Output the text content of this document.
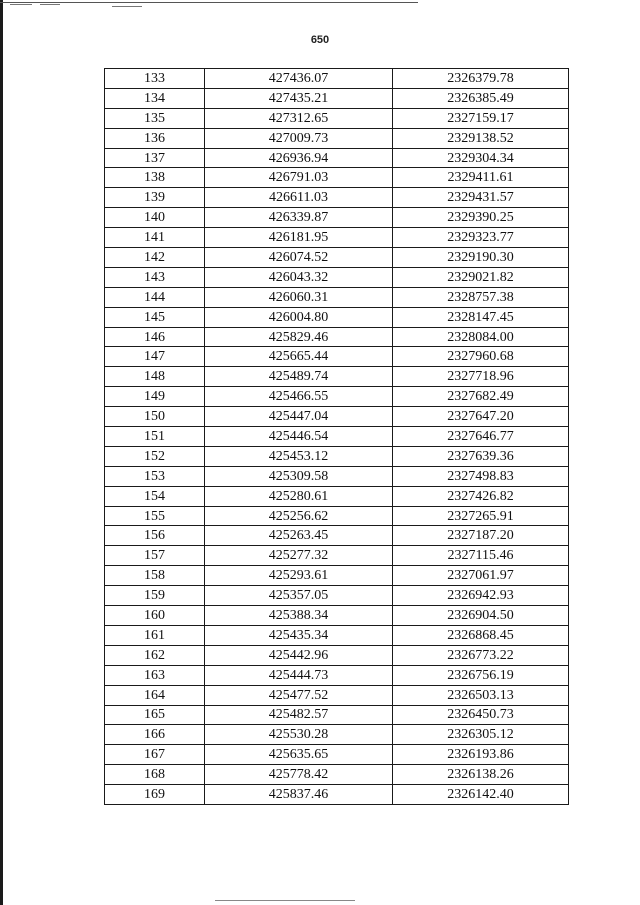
650
133	427436.07	2326379.78
134	427435.21	2326385.49
135	427312.65	2327159.17
136	427009.73	2329138.52
137	426936.94	2329304.34
138	426791.03	2329411.61
139	426611.03	2329431.57
140	426339.87	2329390.25
141	426181.95	2329323.77
142	426074.52	2329190.30
143	426043.32	2329021.82
144	426060.31	2328757.38
145	426004.80	2328147.45
146	425829.46	2328084.00
147	425665.44	2327960.68
148	425489.74	2327718.96
149	425466.55	2327682.49
150	425447.04	2327647.20
151	425446.54	2327646.77
152	425453.12	2327639.36
153	425309.58	2327498.83
154	425280.61	2327426.82
155	425256.62	2327265.91
156	425263.45	2327187.20
157	425277.32	2327115.46
158	425293.61	2327061.97
159	425357.05	2326942.93
160	425388.34	2326904.50
161	425435.34	2326868.45
162	425442.96	2326773.22
163	425444.73	2326756.19
164	425477.52	2326503.13
165	425482.57	2326450.73
166	425530.28	2326305.12
167	425635.65	2326193.86
168	425778.42	2326138.26
169	425837.46	2326142.40
